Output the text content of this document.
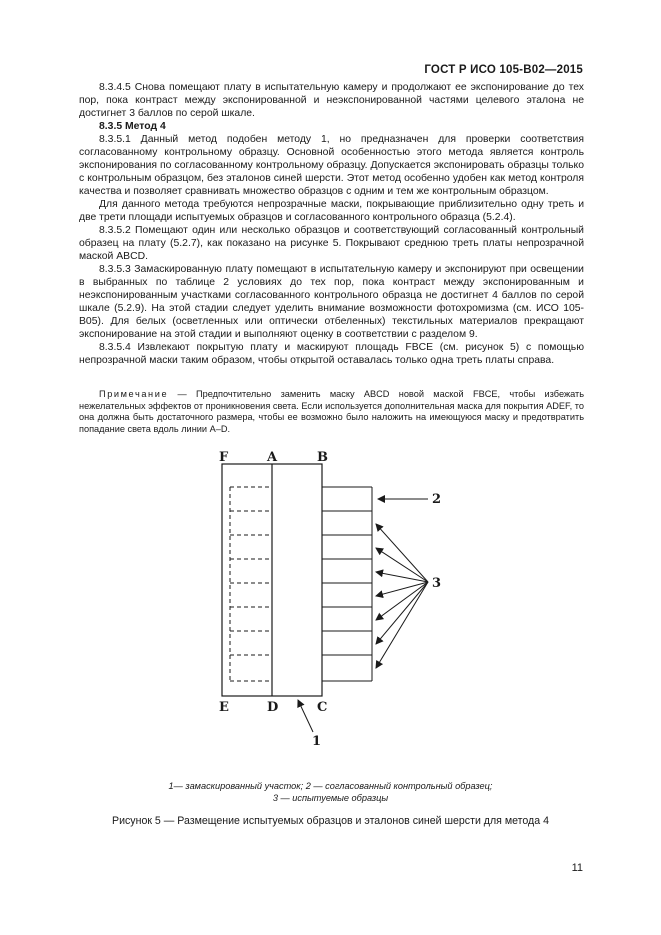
ГОСТ Р ИСО 105-B02—2015

8.3.4.5 Снова помещают плату в испытательную камеру и продолжают ее экспонирование до тех пор, пока контраст между экспонированной и неэкспонированной частями целевого эталона не достигнет 3 баллов по серой шкале.

8.3.5 Метод 4

8.3.5.1 Данный метод подобен методу 1, но предназначен для проверки соответствия согласованному контрольному образцу. Основной особенностью этого метода является контроль экспонирования по согласованному контрольному образцу. Допускается экспонировать образцы только с контрольным образцом, без эталонов синей шерсти. Этот метод особенно удобен как метод контроля качества и позволяет сравнивать множество образцов с одним и тем же контрольным образцом.

Для данного метода требуются непрозрачные маски, покрывающие приблизительно одну треть и две трети площади испытуемых образцов и согласованного контрольного образца (5.2.4).

8.3.5.2 Помещают один или несколько образцов и соответствующий согласованный контрольный образец на плату (5.2.7), как показано на рисунке 5. Покрывают среднюю треть платы непрозрачной маской ABCD.

8.3.5.3 Замаскированную плату помещают в испытательную камеру и экспонируют при освещении в выбранных по таблице 2 условиях до тех пор, пока контраст между экспонированным и неэкспонированным участками согласованного контрольного образца не достигнет 4 баллов по серой шкале (5.2.9). На этой стадии следует уделить внимание возможности фотохромизма (см. ИСО 105-B05). Для белых (осветленных или оптически отбеленных) текстильных материалов прекращают экспонирование на этой стадии и выполняют оценку в соответствии с разделом 9.

8.3.5.4 Извлекают покрытую плату и маскируют площадь FBCE (см. рисунок 5) с помощью непрозрачной маски таким образом, чтобы открытой оставалась только одна треть платы справа.

Примечание — Предпочтительно заменить маску ABCD новой маской FBCE, чтобы избежать нежелательных эффектов от проникновения света. Если используется дополнительная маска для покрытия ADEF, то она должна быть достаточного размера, чтобы ее возможно было наложить на имеющуюся маску и предотвратить попадание света вдоль линии A–D.

F	A	B
E	D	C
2
3
1
1— замаскированный участок; 2 — согласованный контрольный образец;
3 — испытуемые образцы
Рисунок 5 — Размещение испытуемых образцов и эталонов синей шерсти для метода 4
11
